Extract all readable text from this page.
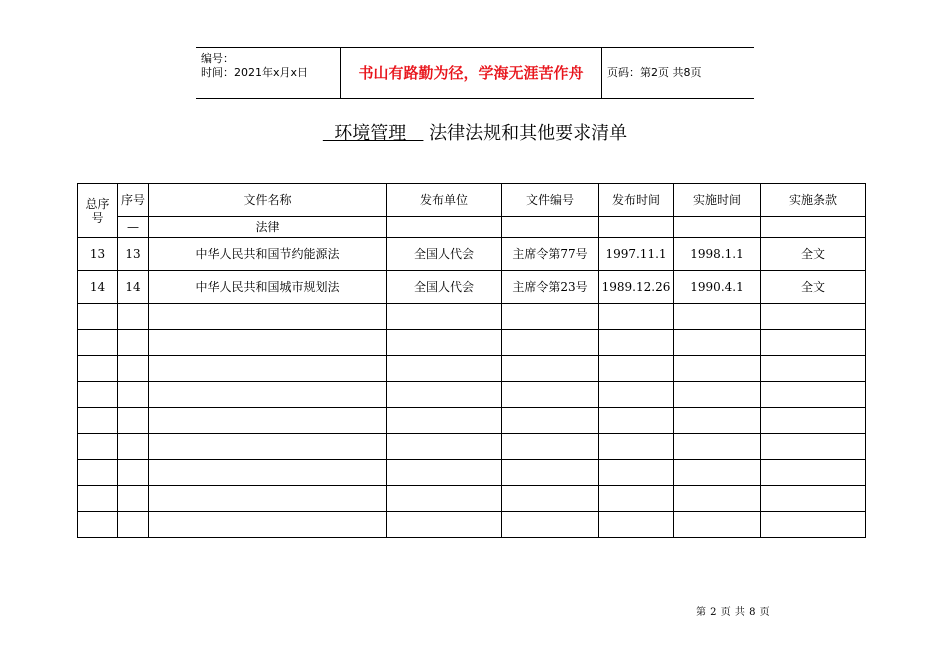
编号：
时间：2021年x月x日	书山有路勤为径，学海无涯苦作舟	页码：第2页 共8页
环境管理    法律法规和其他要求清单
总序号	序号	文件名称	发布单位	文件编号	发布时间	实施时间	实施条款
	—	法律					
13	13	中华人民共和国节约能源法	全国人代会	主席令第77号	1997.11.1	1998.1.1	全文
14	14	中华人民共和国城市规划法	全国人代会	主席令第23号	1989.12.26	1990.4.1	全文

第 2 页 共 8 页
